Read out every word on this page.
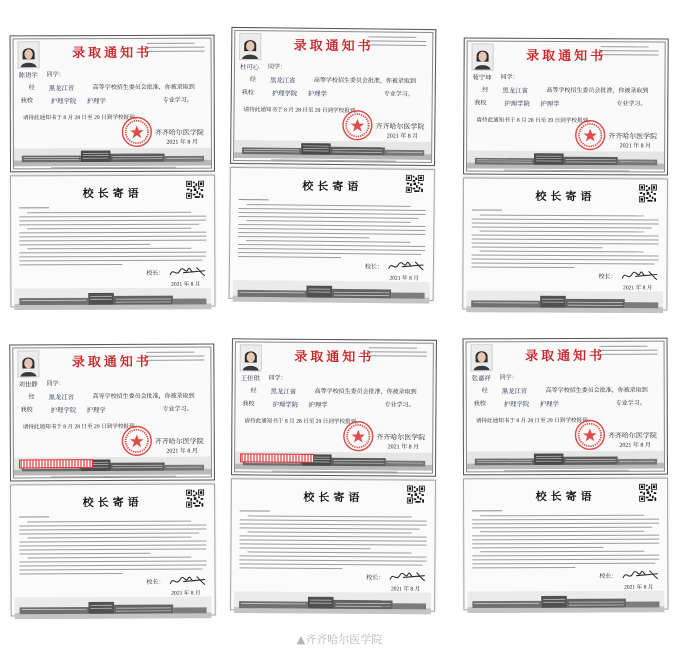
录取通知书
陈语宇 同学：
经 黑龙江省	高等学校招生委员会批准，你被录取到
我校	护理学院 护理学	专业学习。
请持此通知书于 8 月 28 日至 29 日到学校报到。
齐齐哈尔医学院
2021 年 8 月
校长寄语
校长：
2021 年 8 月
录取通知书
杜可心 同学：
经 黑龙江省	高等学校招生委员会批准，你被录取到
我校	护理学院 护理学	专业学习。
请持此通知书于 8 月 28 日至 29 日到学校报到。
齐齐哈尔医学院
2021 年 8 月
校长寄语
校长：
2021 年 8 月
录取通知书
荀宁坤 同学：
经 黑龙江省	高等学校招生委员会批准，你被录取到
我校	护理学院 护理学	专业学习。
请持此通知书于 8 月 28 日至 29 日到学校报到。
齐齐哈尔医学院
2021 年 8 月
校长寄语
校长：
2021 年 8 月
录取通知书
刘佳静 同学：
经 黑龙江省	高等学校招生委员会批准，你被录取到
我校	护理学院 护理学	专业学习。
请持此通知书于 8 月 28 日至 29 日到学校报到。
齐齐哈尔医学院
2021 年 8 月
校长寄语
校长：
2021 年 8 月
录取通知书
王佳琪 同学：
经 黑龙江省	高等学校招生委员会批准，你被录取到
我校	护理学院 护理学	专业学习。
请持此通知书于 8 月 28 日至 29 日到学校报到。
齐齐哈尔医学院
2021 年 8 月
校长寄语
校长：
2021 年 8 月
录取通知书
张嘉祥 同学：
经 黑龙江省	高等学校招生委员会批准，你被录取到
我校	护理学院 护理学	专业学习。
请持此通知书于 8 月 28 日至 29 日到学校报到。
齐齐哈尔医学院
2021 年 8 月
校长寄语
校长：
2021 年 8 月
▲齐齐哈尔医学院
